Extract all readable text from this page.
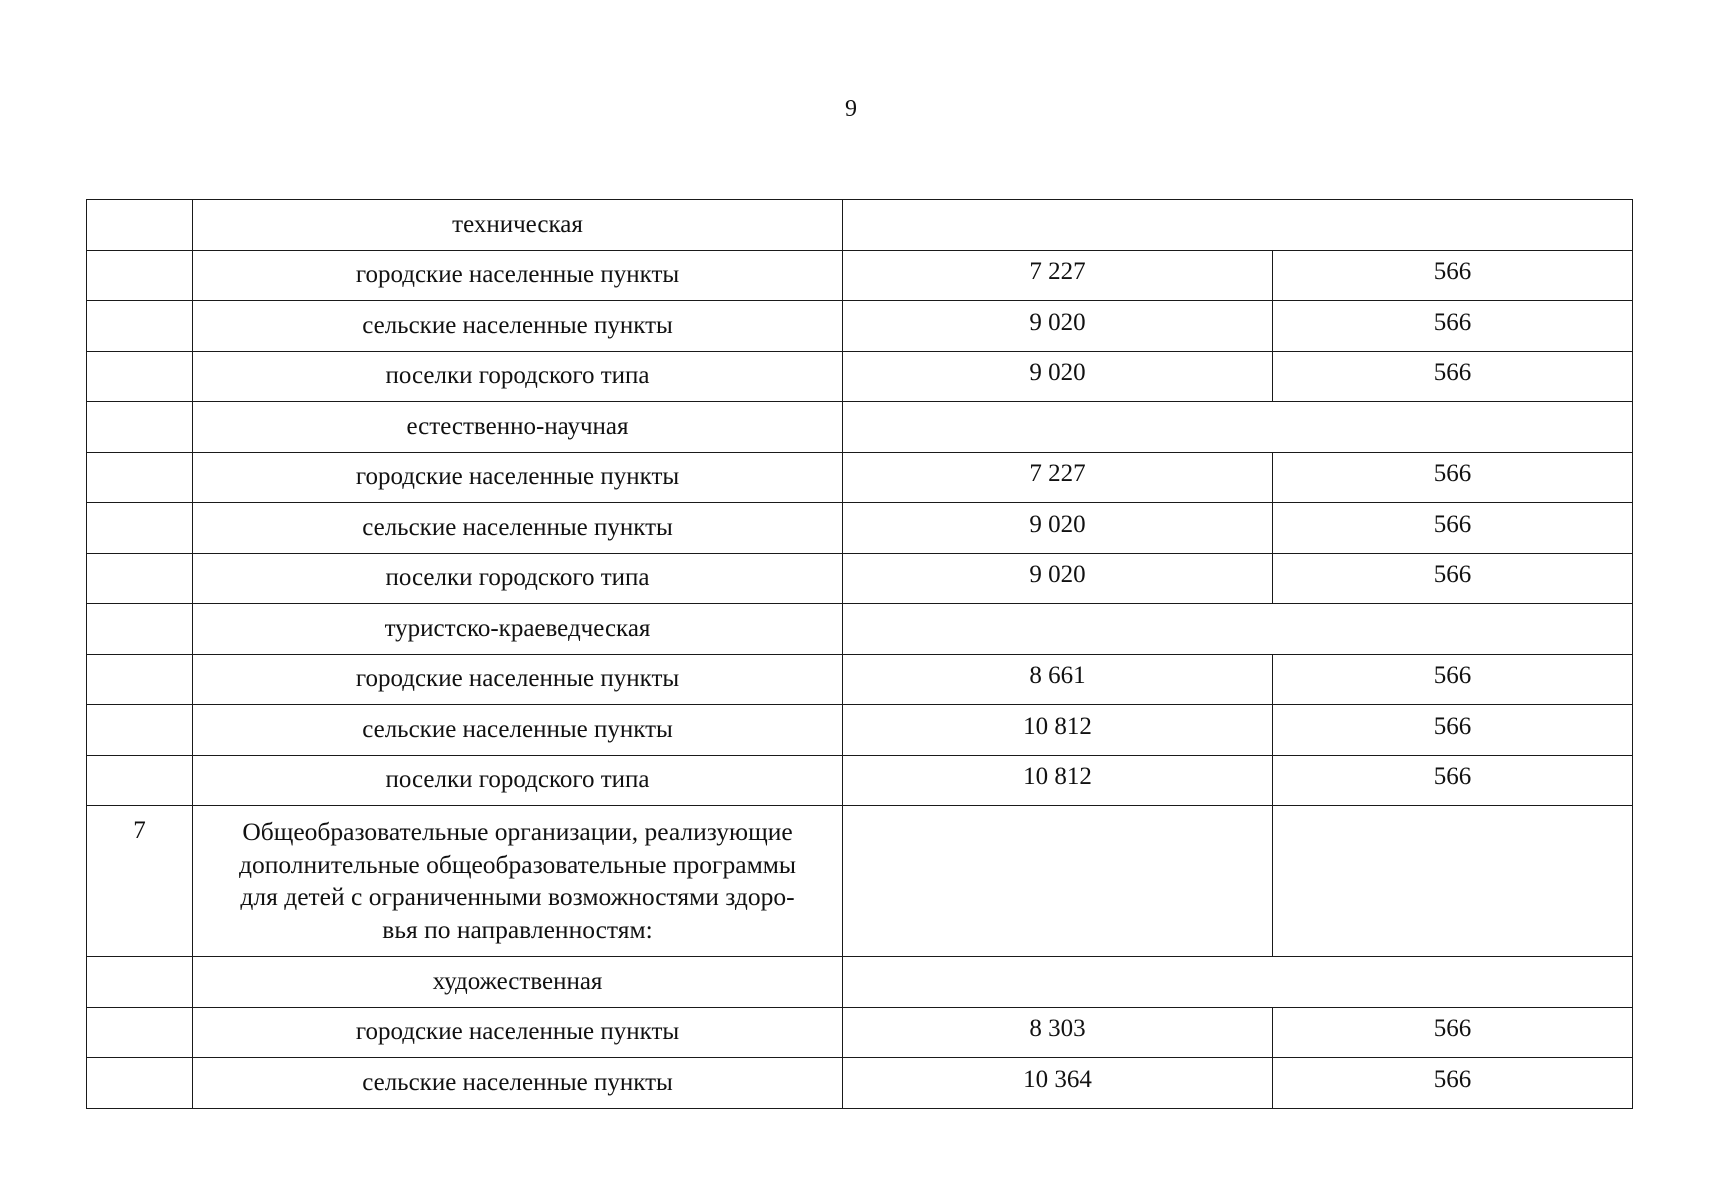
9
	техническая		
	городские населенные пункты	7 227	566
	сельские населенные пункты	9 020	566
	поселки городского типа	9 020	566
	естественно-научная		
	городские населенные пункты	7 227	566
	сельские населенные пункты	9 020	566
	поселки городского типа	9 020	566
	туристско-краеведческая		
	городские населенные пункты	8 661	566
	сельские населенные пункты	10 812	566
	поселки городского типа	10 812	566
7	Общеобразовательные организации, реализующие
дополнительные общеобразовательные программы
для детей с ограниченными возможностями здоро-
вья по направленностям:		

	художественная		
	городские населенные пункты	8 303	566
	сельские населенные пункты	10 364	566
